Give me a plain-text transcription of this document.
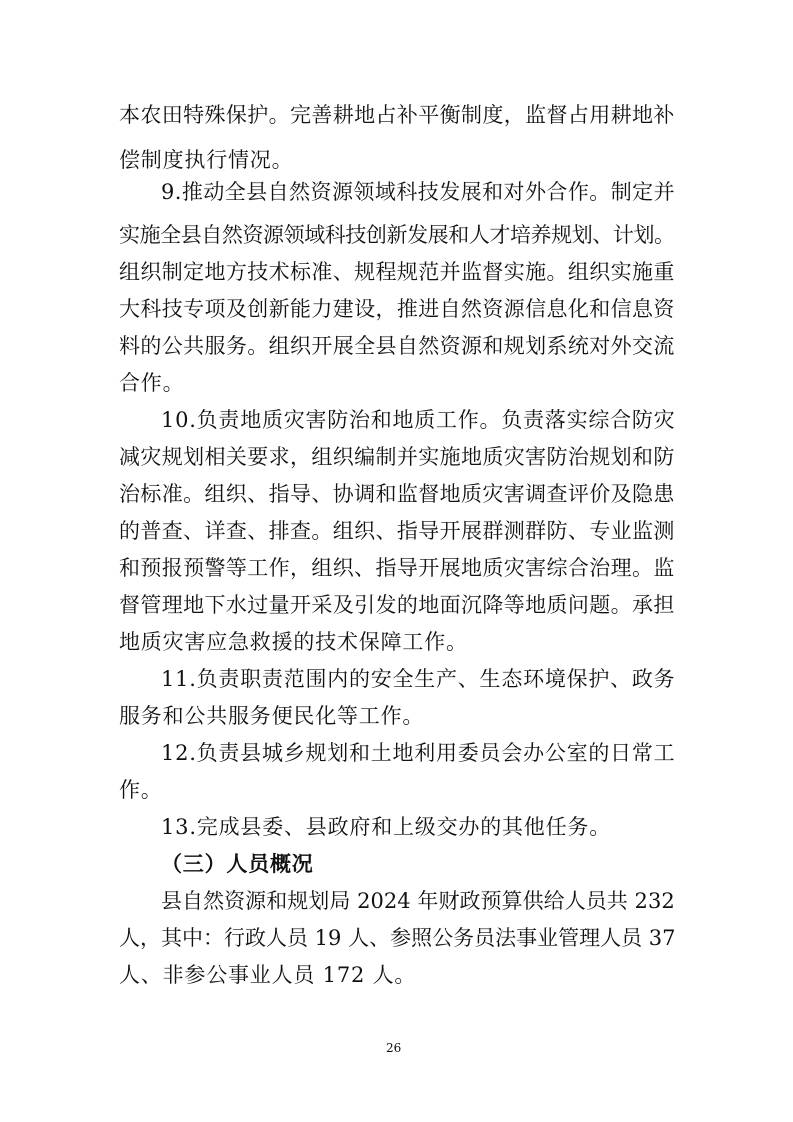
本农田特殊保护。完善耕地占补平衡制度，监督占用耕地补
偿制度执行情况。
9.推动全县自然资源领域科技发展和对外合作。制定并
实施全县自然资源领域科技创新发展和人才培养规划、计划。
组织制定地方技术标准、规程规范并监督实施。组织实施重
大科技专项及创新能力建设，推进自然资源信息化和信息资
料的公共服务。组织开展全县自然资源和规划系统对外交流
合作。
10.负责地质灾害防治和地质工作。负责落实综合防灾
减灾规划相关要求，组织编制并实施地质灾害防治规划和防
治标准。组织、指导、协调和监督地质灾害调查评价及隐患
的普查、详查、排查。组织、指导开展群测群防、专业监测
和预报预警等工作，组织、指导开展地质灾害综合治理。监
督管理地下水过量开采及引发的地面沉降等地质问题。承担
地质灾害应急救援的技术保障工作。
11.负责职责范围内的安全生产、生态环境保护、政务
服务和公共服务便民化等工作。
12.负责县城乡规划和土地利用委员会办公室的日常工
作。
13.完成县委、县政府和上级交办的其他任务。
（三）人员概况
县自然资源和规划局 2024 年财政预算供给人员共 232
人，其中：行政人员 19 人、参照公务员法事业管理人员 37
人、非参公事业人员 172 人。
26
